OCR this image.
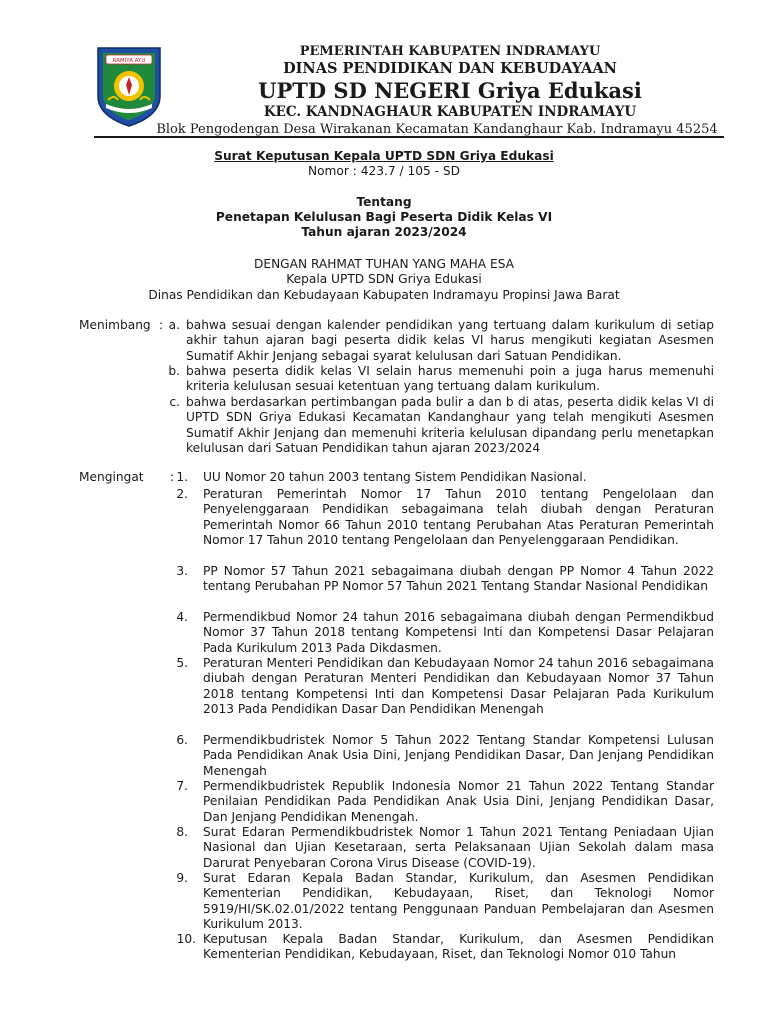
RAMIYA AYU
PEMERINTAH KABUPATEN INDRAMAYU
DINAS PENDIDIKAN DAN KEBUDAYAAN
UPTD SD NEGERI Griya Edukasi
KEC. KANDNAGHAUR KABUPATEN INDRAMAYU
Blok Pengodengan Desa Wirakanan Kecamatan Kandanghaur Kab. Indramayu 45254
Surat Keputusan Kepala UPTD SDN Griya Edukasi
Nomor : 423.7 / 105 - SD
Tentang
Penetapan Kelulusan Bagi Peserta Didik Kelas VI
Tahun ajaran 2023/2024
DENGAN RAHMAT TUHAN YANG MAHA ESA
Kepala UPTD SDN Griya Edukasi
Dinas Pendidikan dan Kebudayaan Kabupaten Indramayu Propinsi Jawa Barat
Menimbang : a. bahwa sesuai dengan kalender pendidikan yang tertuang dalam kurikulum di setiap akhir tahun ajaran bagi peserta didik kelas VI harus mengikuti kegiatan Asesmen Sumatif Akhir Jenjang sebagai syarat kelulusan dari Satuan Pendidikan.
b. bahwa peserta didik kelas VI selain harus memenuhi poin a juga harus memenuhi kriteria kelulusan sesuai ketentuan yang tertuang dalam kurikulum.
c. bahwa berdasarkan pertimbangan pada bulir a dan b di atas, peserta didik kelas VI di UPTD SDN Griya Edukasi Kecamatan Kandanghaur yang telah mengikuti Asesmen Sumatif Akhir Jenjang dan memenuhi kriteria kelulusan dipandang perlu menetapkan kelulusan dari Satuan Pendidikan tahun ajaran 2023/2024
Mengingat : 1. UU Nomor 20 tahun 2003 tentang Sistem Pendidikan Nasional.
2. Peraturan Pemerintah Nomor 17 Tahun 2010 tentang Pengelolaan dan Penyelenggaraan Pendidikan sebagaimana telah diubah dengan Peraturan Pemerintah Nomor 66 Tahun 2010 tentang Perubahan Atas Peraturan Pemerintah Nomor 17 Tahun 2010 tentang Pengelolaan dan Penyelenggaraan Pendidikan.
3. PP Nomor 57 Tahun 2021 sebagaimana diubah dengan PP Nomor 4 Tahun 2022 tentang Perubahan PP Nomor 57 Tahun 2021 Tentang Standar Nasional Pendidikan
4. Permendikbud Nomor 24 tahun 2016 sebagaimana diubah dengan Permendikbud Nomor 37 Tahun 2018 tentang Kompetensi Inti dan Kompetensi Dasar Pelajaran Pada Kurikulum 2013 Pada Dikdasmen.
5. Peraturan Menteri Pendidikan dan Kebudayaan Nomor 24 tahun 2016 sebagaimana diubah dengan Peraturan Menteri Pendidikan dan Kebudayaan Nomor 37 Tahun 2018 tentang Kompetensi Inti dan Kompetensi Dasar Pelajaran Pada Kurikulum 2013 Pada Pendidikan Dasar Dan Pendidikan Menengah
6. Permendikbudristek Nomor 5 Tahun 2022 Tentang Standar Kompetensi Lulusan Pada Pendidikan Anak Usia Dini, Jenjang Pendidikan Dasar, Dan Jenjang Pendidikan Menengah
7. Permendikbudristek Republik Indonesia Nomor 21 Tahun 2022 Tentang Standar Penilaian Pendidikan Pada Pendidikan Anak Usia Dini, Jenjang Pendidikan Dasar, Dan Jenjang Pendidikan Menengah.
8. Surat Edaran Permendikbudristek Nomor 1 Tahun 2021 Tentang Peniadaan Ujian Nasional dan Ujian Kesetaraan, serta Pelaksanaan Ujian Sekolah dalam masa Darurat Penyebaran Corona Virus Disease (COVID-19).
9. Surat Edaran Kepala Badan Standar, Kurikulum, dan Asesmen Pendidikan Kementerian Pendidikan, Kebudayaan, Riset, dan Teknologi Nomor 5919/HI/SK.02.01/2022 tentang Penggunaan Panduan Pembelajaran dan Asesmen Kurikulum 2013.
10. Keputusan Kepala Badan Standar, Kurikulum, dan Asesmen Pendidikan Kementerian Pendidikan, Kebudayaan, Riset, dan Teknologi Nomor 010 Tahun
